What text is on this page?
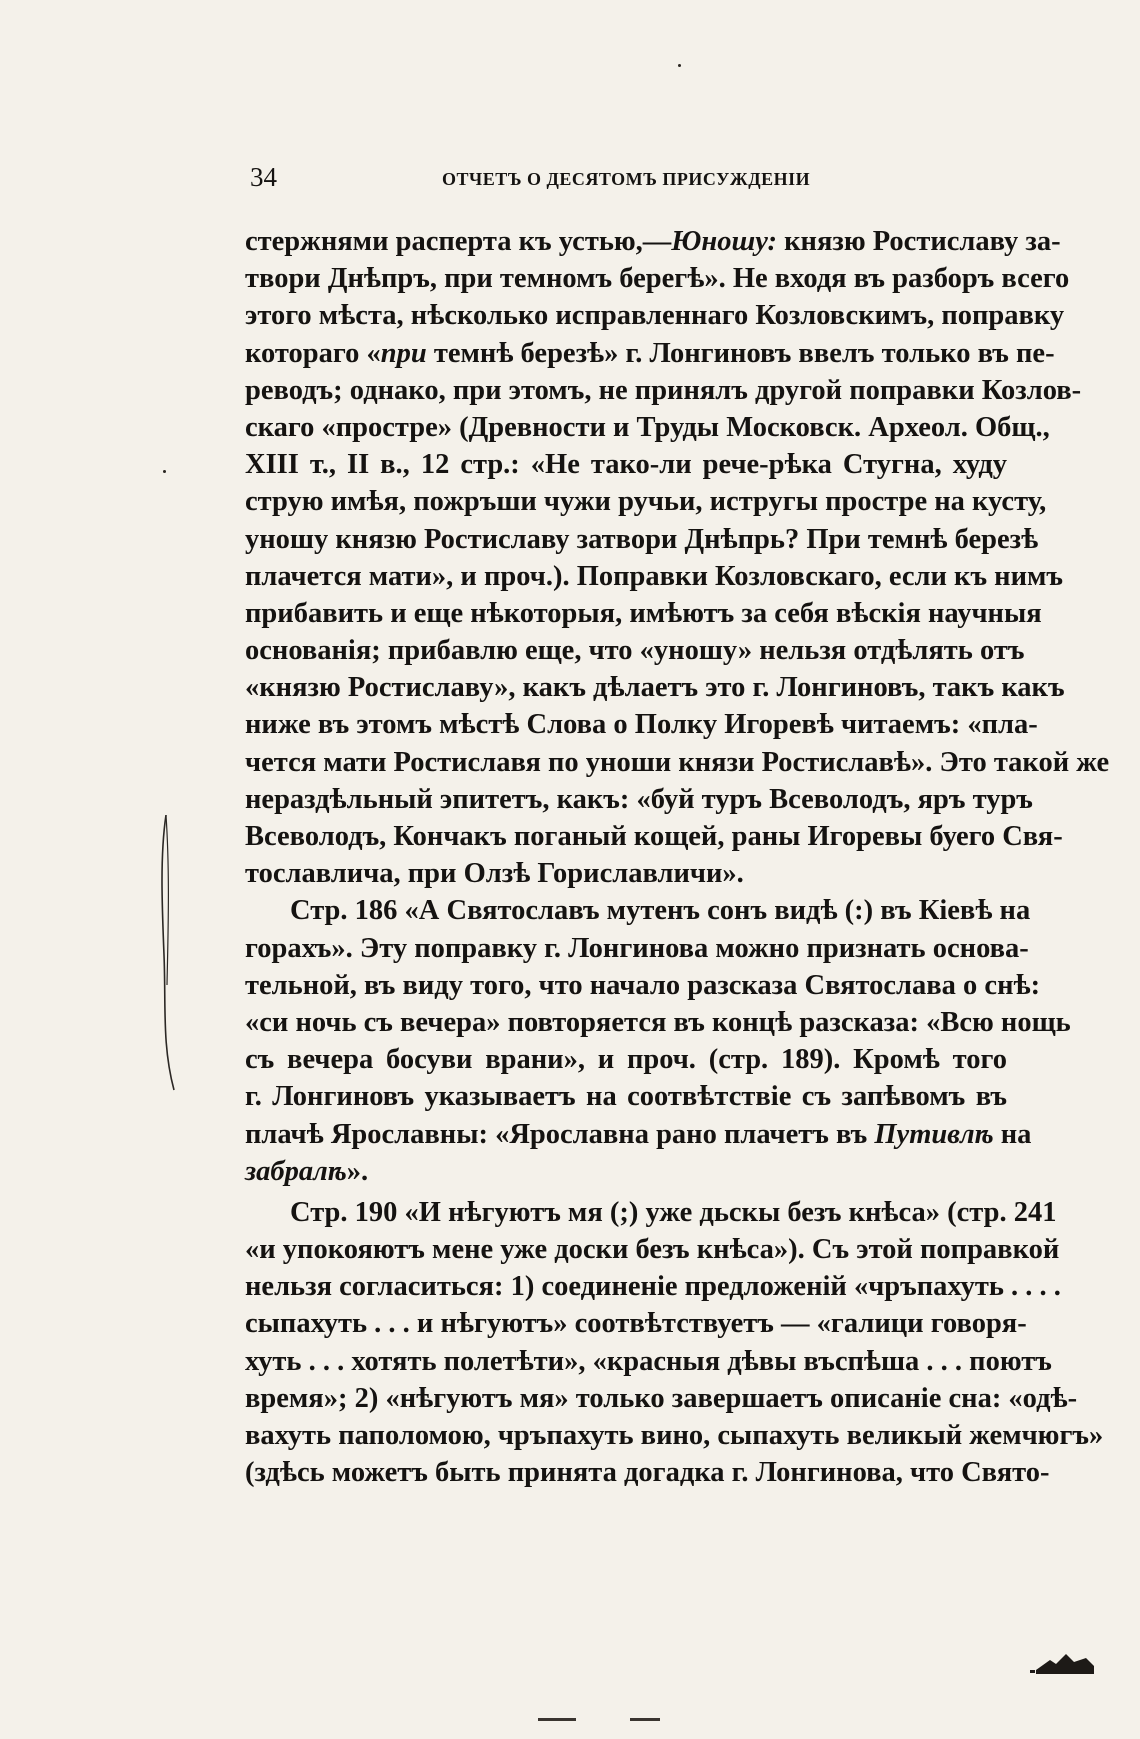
34	ОТЧЕТЪ О ДЕСЯТОМЪ ПРИСУЖДЕНІИ
стержнями расперта къ устью,—Юношу: князю Ростиславу за-
твори Днѣпръ, при темномъ берегѣ». Не входя въ разборъ всего
этого мѣста, нѣсколько исправленнаго Козловскимъ, поправку
котораго «при темнѣ березѣ» г. Лонгиновъ ввелъ только въ пе-
реводъ; однако, при этомъ, не принялъ другой поправки Козлов-
скаго «простре» (Древности и Труды Московск. Археол. Общ.,
XIII т., II в., 12 стр.: «Не тако-ли рече-рѣка Стугна, худу
струю имѣя, пожръши чужи ручьи, истругы простре на кусту,
уношу князю Ростиславу затвори Днѣпрь? При темнѣ березѣ
плачется мати», и проч.). Поправки Козловскаго, если къ нимъ
прибавить и еще нѣкоторыя, имѣютъ за себя вѣскія научныя
основанія; прибавлю еще, что «уношу» нельзя отдѣлять отъ
«князю Ростиславу», какъ дѣлаетъ это г. Лонгиновъ, такъ какъ
ниже въ этомъ мѣстѣ Слова о Полку Игоревѣ читаемъ: «пла-
чется мати Ростиславя по уноши князи Ростиславѣ». Это такой же
нераздѣльный эпитетъ, какъ: «буй туръ Всеволодъ, яръ туръ
Всеволодъ, Кончакъ поганый кощей, раны Игоревы буего Свя-
тославлича, при Олзѣ Гориславличи».
Стр. 186 «А Святославъ мутенъ сонъ видѣ (:) въ Кіевѣ на
горахъ». Эту поправку г. Лонгинова можно признать основа-
тельной, въ виду того, что начало разсказа Святослава о снѣ:
«си ночь съ вечера» повторяется въ концѣ разсказа: «Всю нощь
съ вечера босуви врани», и проч. (стр. 189). Кромѣ того
г. Лонгиновъ указываетъ на соотвѣтствіе съ запѣвомъ въ
плачѣ Ярославны: «Ярославна рано плачетъ въ Путивлѣ на
забралѣ».
Стр. 190 «И нѣгуютъ мя (;) уже дьскы безъ кнѣса» (стр. 241
«и упокояютъ мене уже доски безъ кнѣса»). Съ этой поправкой
нельзя согласиться: 1) соединеніе предложеній «чръпахуть . . . .
сыпахуть . . . и нѣгуютъ» соотвѣтствуетъ — «галици говоря-
хуть . . . хотять полетѣти», «красныя дѣвы въспѣша . . . поютъ
время»; 2) «нѣгуютъ мя» только завершаетъ описаніе сна: «одѣ-
вахуть паполомою, чръпахуть вино, сыпахуть великый жемчюгъ»
(здѣсь можетъ быть принята догадка г. Лонгинова, что Свято-
